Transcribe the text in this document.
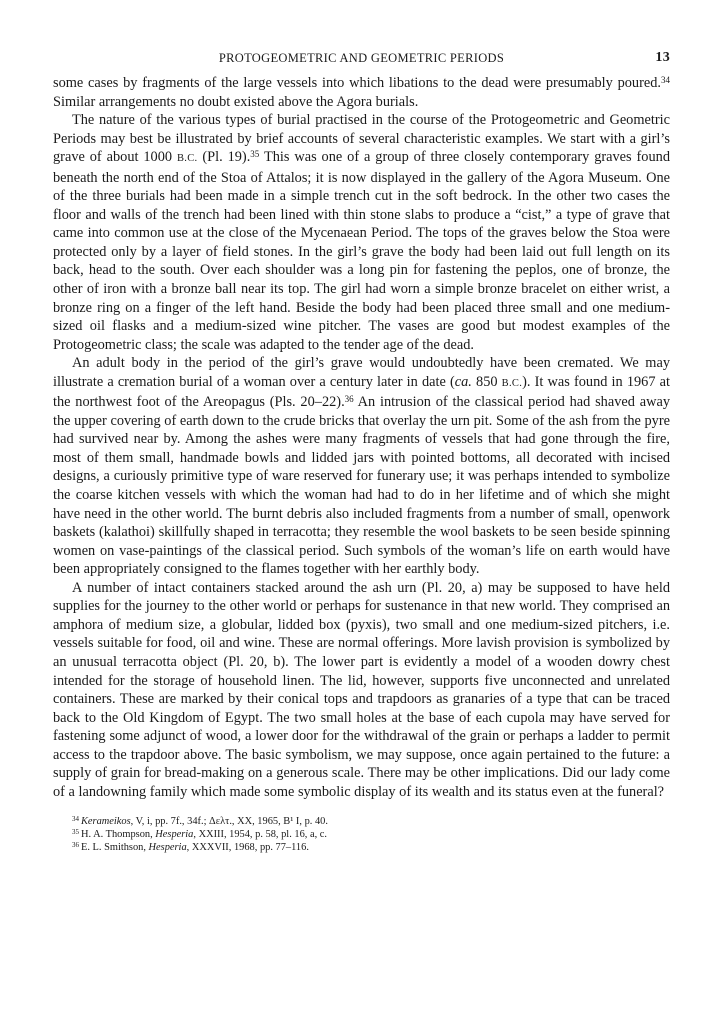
PROTOGEOMETRIC AND GEOMETRIC PERIODS	13

some cases by fragments of the large vessels into which libations to the dead were presumably poured.$^{34}$ Similar arrangements no doubt existed above the Agora burials.

The nature of the various types of burial practised in the course of the Protogeometric and Geometric Periods may best be illustrated by brief accounts of several characteristic examples. We start with a girl’s grave of about 1000 B.C. (Pl. 19).$^{35}$ This was one of a group of three closely contemporary graves found beneath the north end of the Stoa of Attalos; it is now displayed in the gallery of the Agora Museum. One of the three burials had been made in a simple trench cut in the soft bedrock. In the other two cases the floor and walls of the trench had been lined with thin stone slabs to produce a “cist,” a type of grave that came into common use at the close of the Mycenaean Period. The tops of the graves below the Stoa were protected only by a layer of field stones. In the girl’s grave the body had been laid out full length on its back, head to the south. Over each shoulder was a long pin for fastening the peplos, one of bronze, the other of iron with a bronze ball near its top. The girl had worn a simple bronze bracelet on either wrist, a bronze ring on a finger of the left hand. Beside the body had been placed three small and one medium-sized oil flasks and a medium-sized wine pitcher. The vases are good but modest examples of the Protogeometric class; the scale was adapted to the tender age of the dead.

An adult body in the period of the girl’s grave would undoubtedly have been cremated. We may illustrate a cremation burial of a woman over a century later in date (ca. 850 B.C.). It was found in 1967 at the northwest foot of the Areopagus (Pls. 20–22).$^{36}$ An intrusion of the classical period had shaved away the upper covering of earth down to the crude bricks that overlay the urn pit. Some of the ash from the pyre had survived near by. Among the ashes were many fragments of vessels that had gone through the fire, most of them small, handmade bowls and lidded jars with pointed bottoms, all decorated with incised designs, a curiously primitive type of ware reserved for funerary use; it was perhaps intended to symbolize the coarse kitchen vessels with which the woman had had to do in her lifetime and of which she might have need in the other world. The burnt debris also included fragments from a number of small, openwork baskets (kalathoi) skillfully shaped in terracotta; they resemble the wool baskets to be seen beside spinning women on vase-paintings of the classical period. Such symbols of the woman’s life on earth would have been appropriately consigned to the flames together with her earthly body.

A number of intact containers stacked around the ash urn (Pl. 20, a) may be supposed to have held supplies for the journey to the other world or perhaps for sustenance in that new world. They comprised an amphora of medium size, a globular, lidded box (pyxis), two small and one medium-sized pitchers, i.e. vessels suitable for food, oil and wine. These are normal offerings. More lavish provision is symbolized by an unusual terracotta object (Pl. 20, b). The lower part is evidently a model of a wooden dowry chest intended for the storage of household linen. The lid, however, supports five unconnected and unrelated containers. These are marked by their conical tops and trapdoors as granaries of a type that can be traced back to the Old Kingdom of Egypt. The two small holes at the base of each cupola may have served for fastening some adjunct of wood, a lower door for the withdrawal of the grain or perhaps a ladder to permit access to the trapdoor above. The basic symbolism, we may suppose, once again pertained to the future: a supply of grain for bread-making on a generous scale. There may be other implications. Did our lady come of a landowning family which made some symbolic display of its wealth and its status even at the funeral?

$^{34}$ Kerameikos, V, i, pp. 7f., 34f.; Δελτ., XX, 1965, B¹ I, p. 40.
$^{35}$ H. A. Thompson, Hesperia, XXIII, 1954, p. 58, pl. 16, a, c.
$^{36}$ E. L. Smithson, Hesperia, XXXVII, 1968, pp. 77–116.
